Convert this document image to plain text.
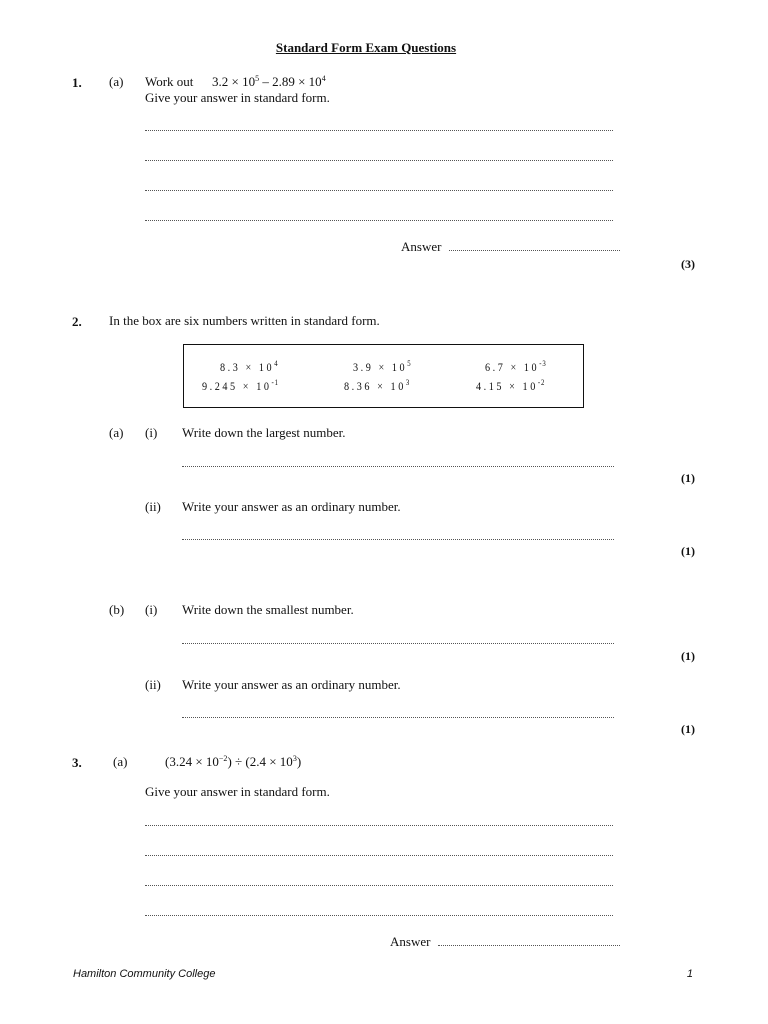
Standard Form Exam Questions
1. (a) Work out $3.2 \times 10^5 - 2.89 \times 10^4$
Give your answer in standard form.
Answer
(3)
2. In the box are six numbers written in standard form.
$8.3 \times 10^4$	$3.9 \times 10^5$	$6.7 \times 10^{-3}$
$9.245 \times 10^{-1}$	$8.36 \times 10^3$	$4.15 \times 10^{-2}$
(a) (i) Write down the largest number.
(1)
(ii) Write your answer as an ordinary number.
(1)
(b) (i) Write down the smallest number.
(1)
(ii) Write your answer as an ordinary number.
(1)
3. (a)	$(3.24 \times 10^{-2}) \div (2.4 \times 10^3)$
Give your answer in standard form.
Answer
Hamilton Community College	1
